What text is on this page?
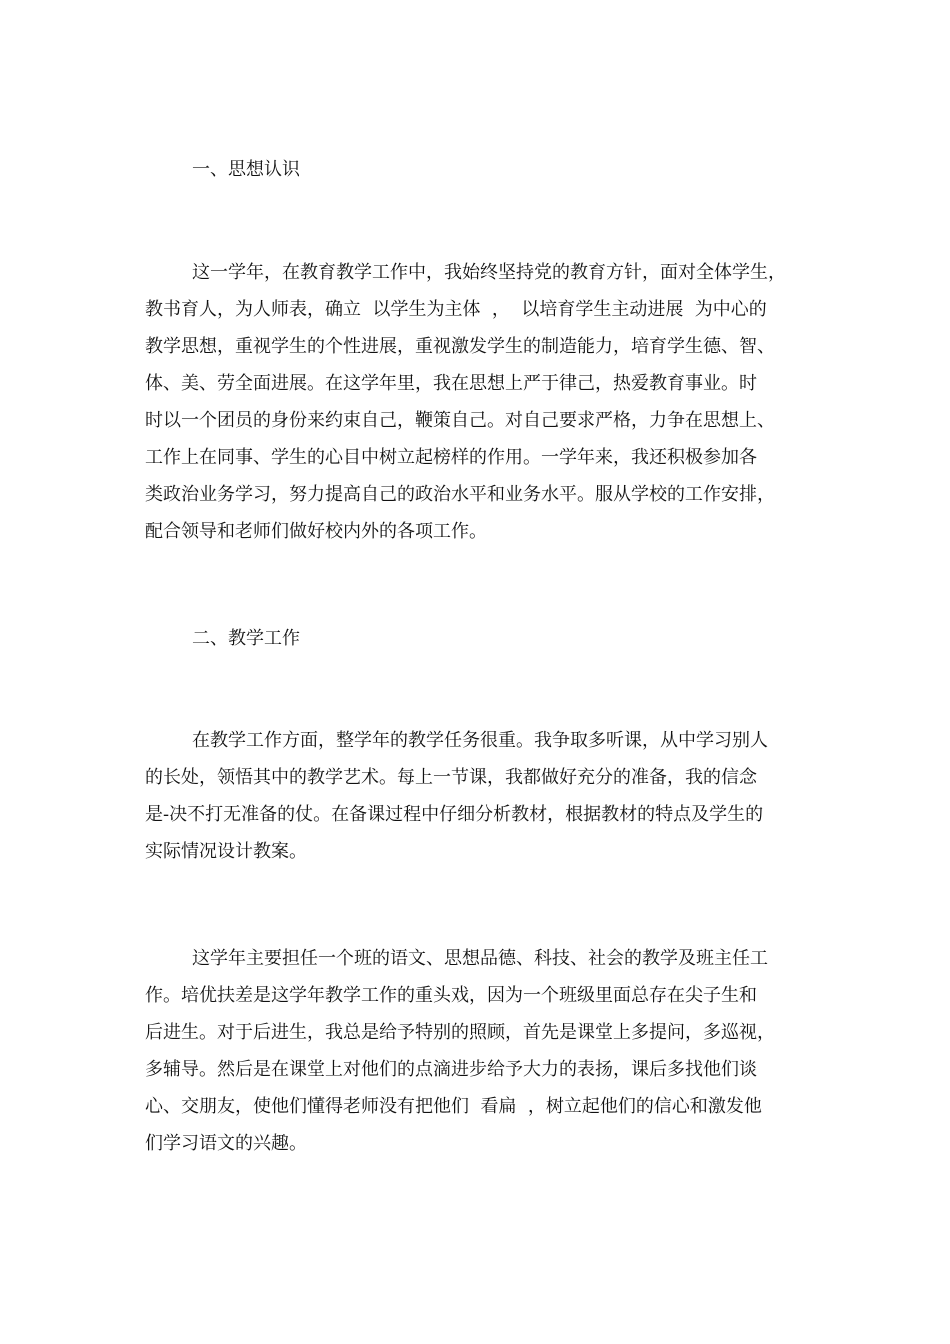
一、思想认识
这一学年，在教育教学工作中，我始终坚持党的教育方针，面对全体学生，
教书育人，为人师表，确立  以学生为主体  ，  以培育学生主动进展  为中心的
教学思想，重视学生的个性进展，重视激发学生的制造能力，培育学生德、智、
体、美、劳全面进展。在这学年里，我在思想上严于律己，热爱教育事业。时
时以一个团员的身份来约束自己，鞭策自己。对自己要求严格，力争在思想上、
工作上在同事、学生的心目中树立起榜样的作用。一学年来，我还积极参加各
类政治业务学习，努力提高自己的政治水平和业务水平。服从学校的工作安排，
配合领导和老师们做好校内外的各项工作。
二、教学工作
在教学工作方面，整学年的教学任务很重。我争取多听课，从中学习别人
的长处，领悟其中的教学艺术。每上一节课，我都做好充分的准备，我的信念
是-决不打无准备的仗。在备课过程中仔细分析教材，根据教材的特点及学生的
实际情况设计教案。
这学年主要担任一个班的语文、思想品德、科技、社会的教学及班主任工
作。培优扶差是这学年教学工作的重头戏，因为一个班级里面总存在尖子生和
后进生。对于后进生，我总是给予特别的照顾，首先是课堂上多提问，多巡视，
多辅导。然后是在课堂上对他们的点滴进步给予大力的表扬，课后多找他们谈
心、交朋友，使他们懂得老师没有把他们  看扁  ，树立起他们的信心和激发他
们学习语文的兴趣。
